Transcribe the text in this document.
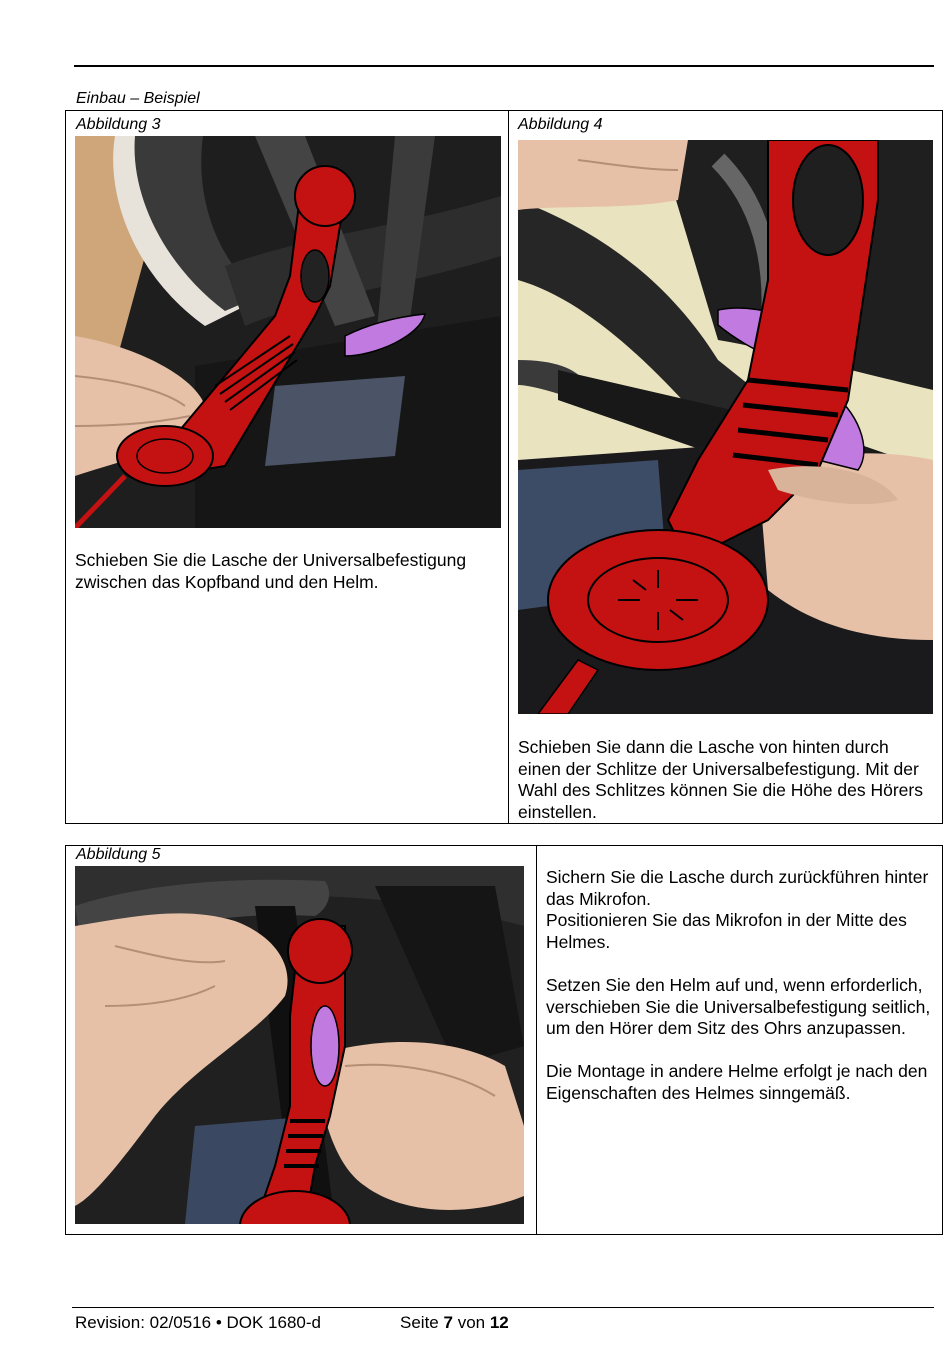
Einbau – Beispiel
Abbildung 3

Schieben Sie die Lasche der Universalbefestigung zwischen das Kopfband und den Helm.

Abbildung 4

Schieben Sie dann die Lasche von hinten durch einen der Schlitze der Universalbefestigung. Mit der Wahl des Schlitzes können Sie die Höhe des Hörers einstellen.

Abbildung 5

Sichern Sie die Lasche durch zurückführen hinter das Mikrofon.
Positionieren Sie das Mikrofon in der Mitte des Helmes.

Setzen Sie den Helm auf und, wenn erforderlich, verschieben Sie die Universalbefestigung seitlich, um den Hörer dem Sitz des Ohrs anzupassen.

Die Montage in andere Helme erfolgt je nach den Eigenschaften des Helmes sinngemäß.

Revision: 02/0516 • DOK 1680-d	Seite 7 von 12
